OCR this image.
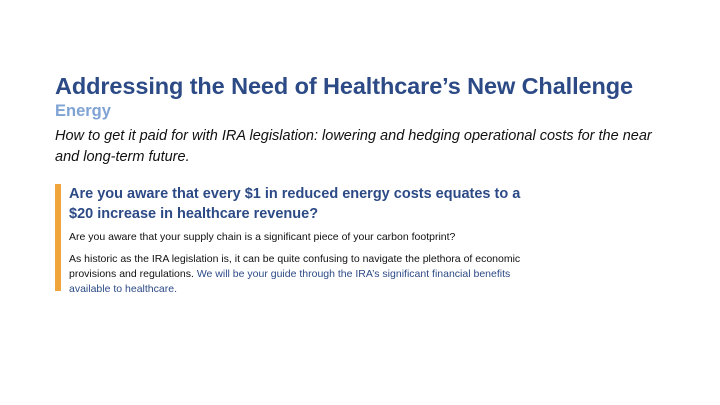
Addressing the Need of Healthcare’s New Challenge
Energy

How to get it paid for with IRA legislation: lowering and hedging operational costs for the near and long-term future.

Are you aware that every $1 in reduced energy costs equates to a $20 increase in healthcare revenue?

Are you aware that your supply chain is a significant piece of your carbon footprint?

As historic as the IRA legislation is, it can be quite confusing to navigate the plethora of economic provisions and regulations. We will be your guide through the IRA’s significant financial benefits available to healthcare.
